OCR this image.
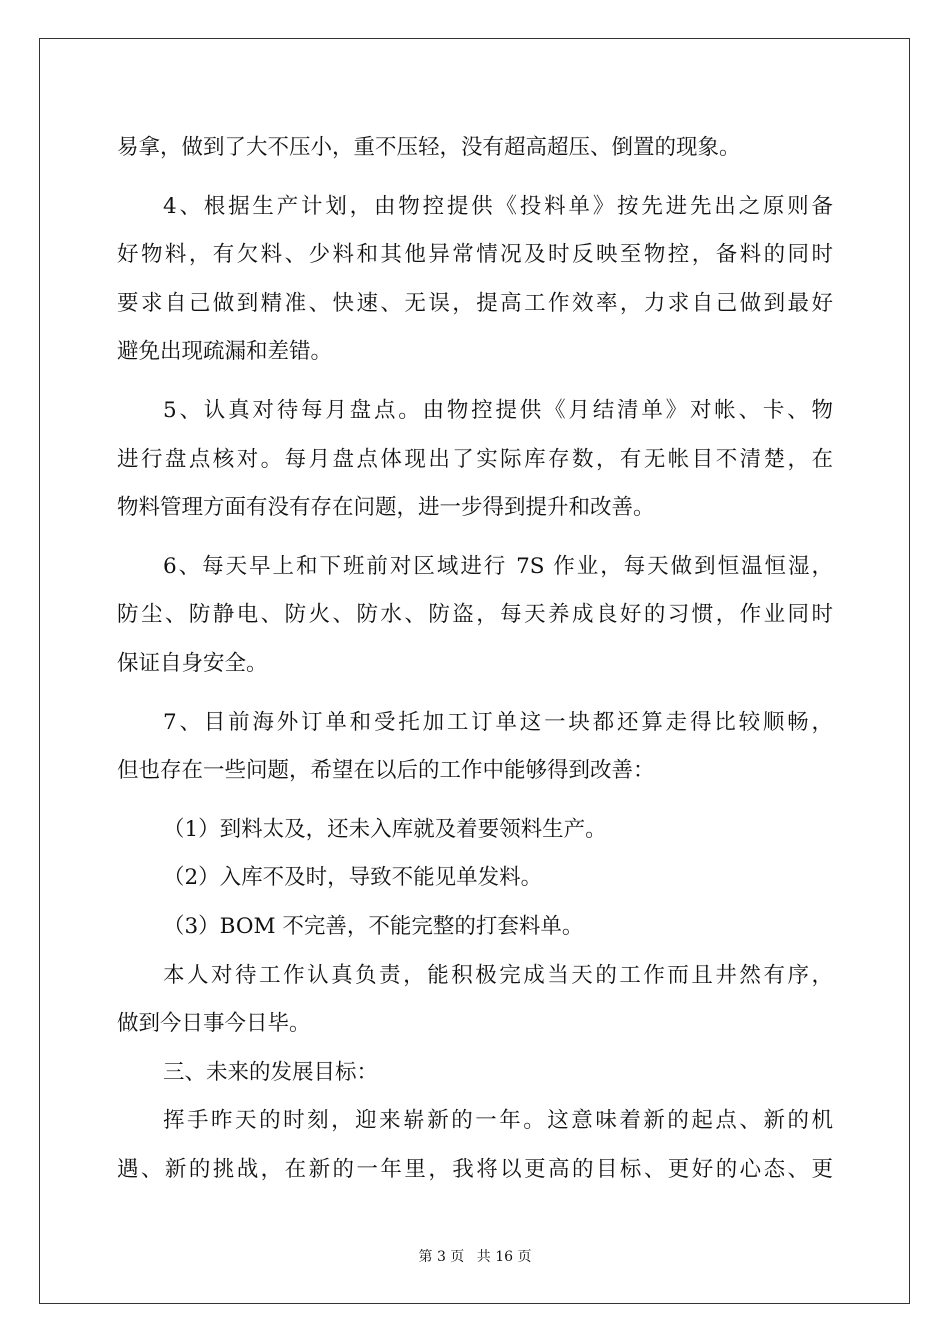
易拿，做到了大不压小，重不压轻，没有超高超压、倒置的现象。
4、根据生产计划，由物控提供《投料单》按先进先出之原则备
好物料，有欠料、少料和其他异常情况及时反映至物控，备料的同时
要求自己做到精准、快速、无误，提高工作效率，力求自己做到最好
避免出现疏漏和差错。
5、认真对待每月盘点。由物控提供《月结清单》对帐、卡、物
进行盘点核对。每月盘点体现出了实际库存数，有无帐目不清楚，在
物料管理方面有没有存在问题，进一步得到提升和改善。
6、每天早上和下班前对区域进行 7S 作业，每天做到恒温恒湿，
防尘、防静电、防火、防水、防盗，每天养成良好的习惯，作业同时
保证自身安全。
7、目前海外订单和受托加工订单这一块都还算走得比较顺畅，
但也存在一些问题，希望在以后的工作中能够得到改善：
（1）到料太及，还未入库就及着要领料生产。
（2）入库不及时，导致不能见单发料。
（3）BOM 不完善，不能完整的打套料单。
本人对待工作认真负责，能积极完成当天的工作而且井然有序，
做到今日事今日毕。
三、未来的发展目标：
挥手昨天的时刻，迎来崭新的一年。这意味着新的起点、新的机
遇、新的挑战，在新的一年里，我将以更高的目标、更好的心态、更
第 3 页 共 16 页
